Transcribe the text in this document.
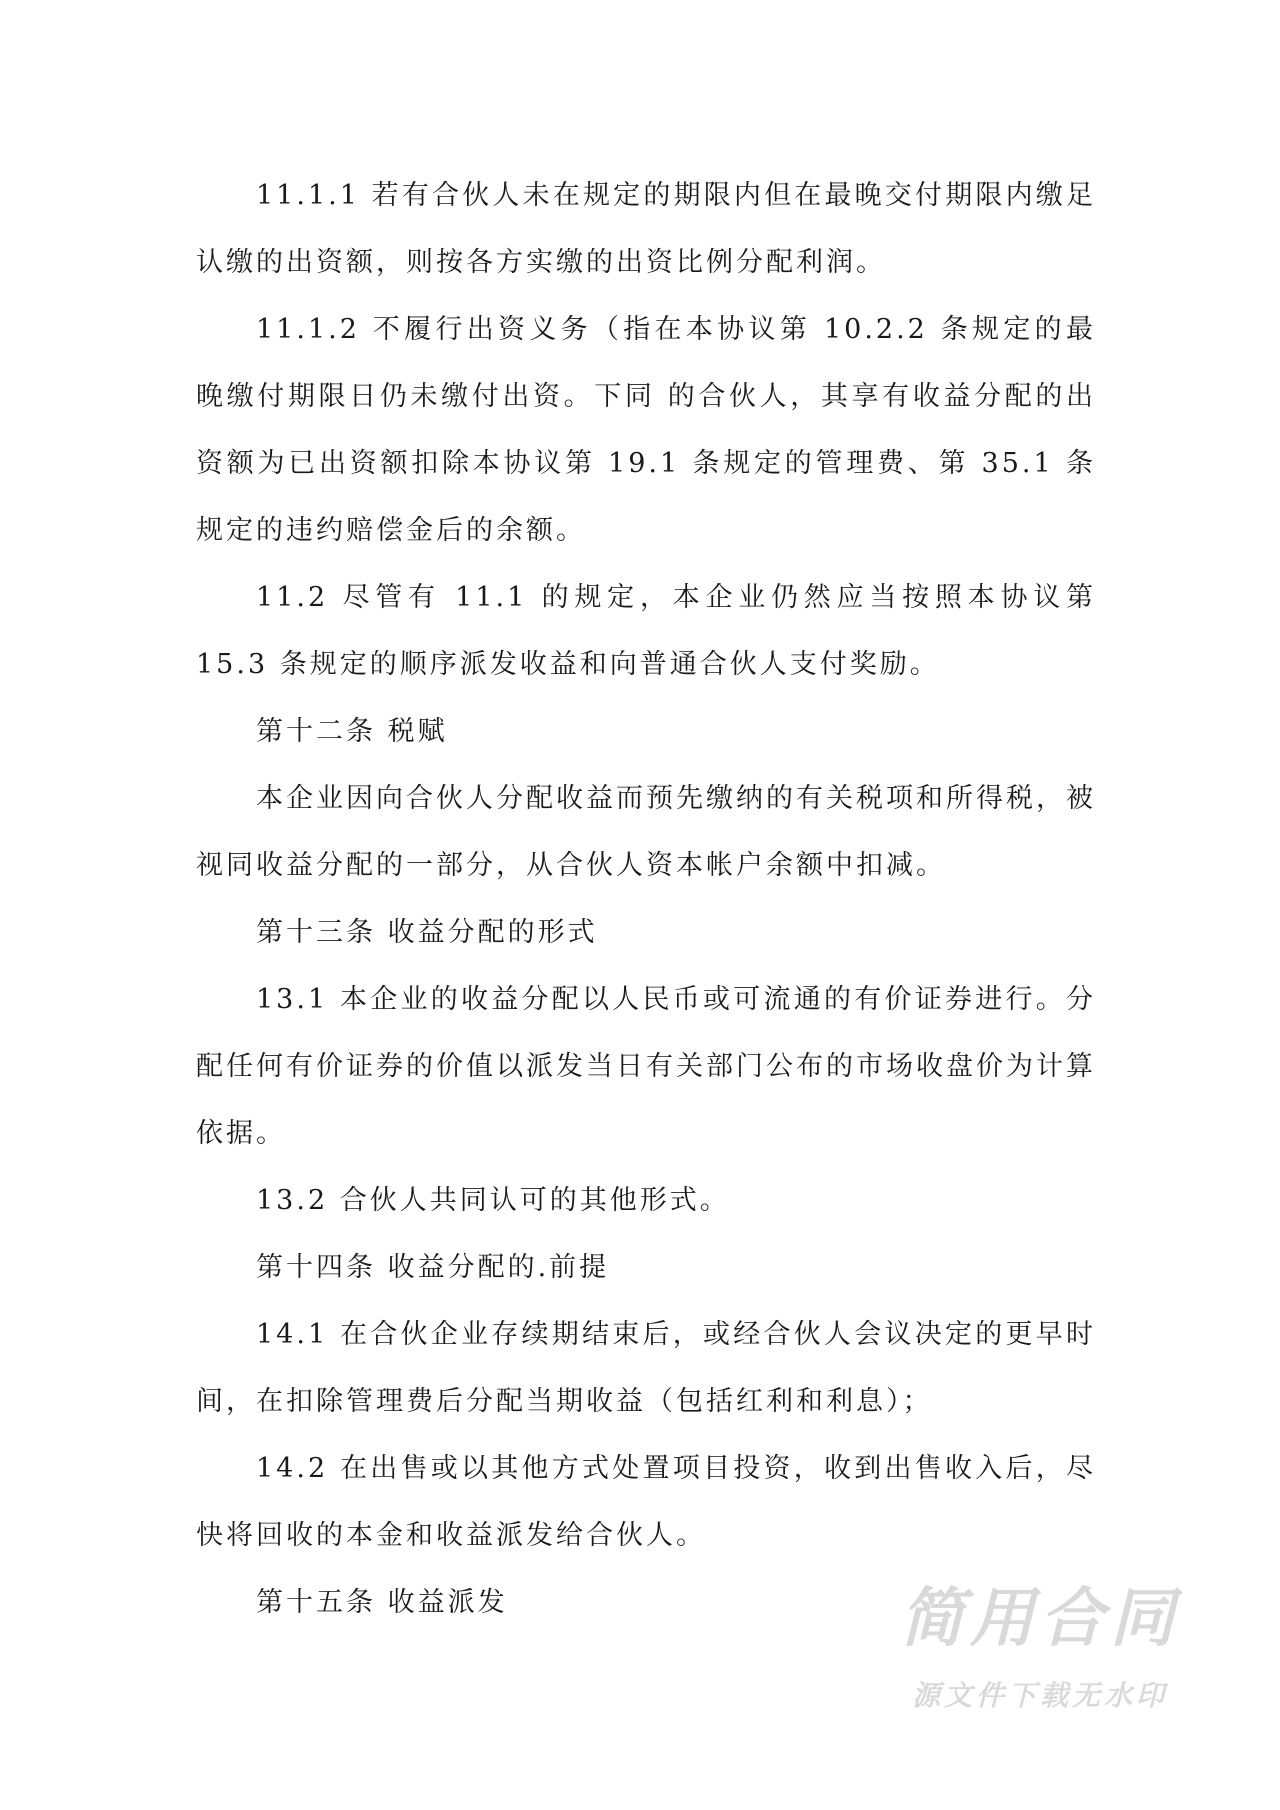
11.1.1 若有合伙人未在规定的期限内但在最晚交付期限内缴足认缴的出资额，则按各方实缴的出资比例分配利润。

11.1.2 不履行出资义务（指在本协议第 10.2.2 条规定的最晚缴付期限日仍未缴付出资。下同 的合伙人，其享有收益分配的出资额为已出资额扣除本协议第 19.1 条规定的管理费、第 35.1 条规定的违约赔偿金后的余额。

11.2 尽管有 11.1 的规定，本企业仍然应当按照本协议第 15.3 条规定的顺序派发收益和向普通合伙人支付奖励。

第十二条 税赋

本企业因向合伙人分配收益而预先缴纳的有关税项和所得税，被视同收益分配的一部分，从合伙人资本帐户余额中扣减。

第十三条 收益分配的形式

13.1 本企业的收益分配以人民币或可流通的有价证券进行。分配任何有价证券的价值以派发当日有关部门公布的市场收盘价为计算依据。

13.2 合伙人共同认可的其他形式。

第十四条 收益分配的.前提

14.1 在合伙企业存续期结束后，或经合伙人会议决定的更早时间，在扣除管理费后分配当期收益（包括红利和利息）；

14.2 在出售或以其他方式处置项目投资，收到出售收入后，尽快将回收的本金和收益派发给合伙人。

第十五条 收益派发	简用合同
源文件下载无水印
